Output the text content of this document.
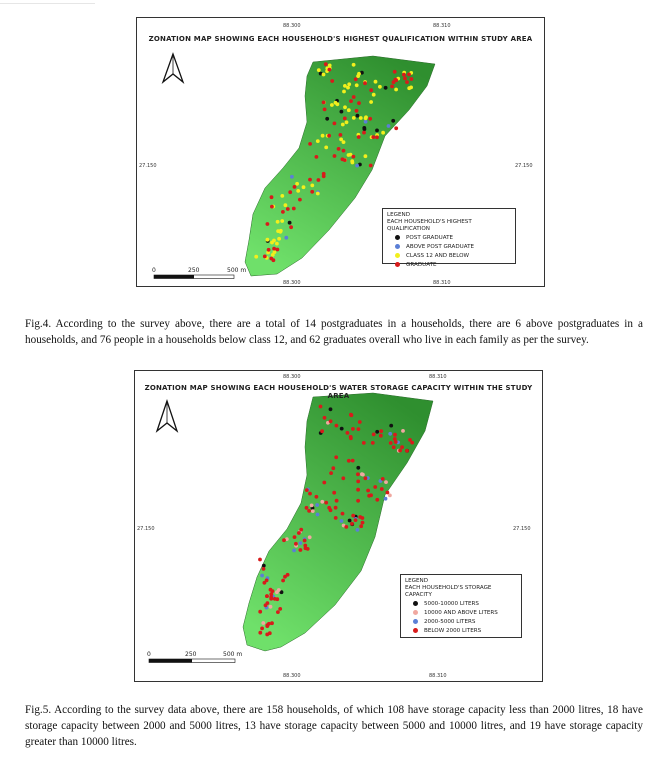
ZONATION MAP SHOWING EACH HOUSEHOLD'S HIGHEST QUALIFICATION WITHIN STUDY AREA
88.300	88.310
88.300	88.310
27.150	27.150
0	250	500 m
LEGEND
EACH HOUSEHOLD'S HIGHEST QUALIFICATION
POST GRADUATE
ABOVE POST GRADUATE
CLASS 12 AND BELOW
GRADUATE
Fig.4. According to the survey above, there are a total of 14 postgraduates in a households, there are 6 above postgraduates in a households, and 76 people in a households below class 12, and 62 graduates overall who live in each family as per the survey.
ZONATION MAP SHOWING EACH HOUSEHOLD'S WATER STORAGE CAPACITY WITHIN THE STUDY AREA
88.300	88.310
88.300	88.310
27.150	27.150
0	250	500 m
LEGEND
EACH HOUSEHOLD'S STORAGE CAPACITY
5000-10000 LITERS
10000 AND ABOVE LITERS
2000-5000 LITERS
BELOW 2000 LITERS
Fig.5. According to the survey data above, there are 158 households, of which 108 have storage capacity less than 2000 litres, 18 have storage capacity between 2000 and 5000 litres, 13 have storage capacity between 5000 and 10000 litres, and 19 have storage capacity greater than 10000 litres.
